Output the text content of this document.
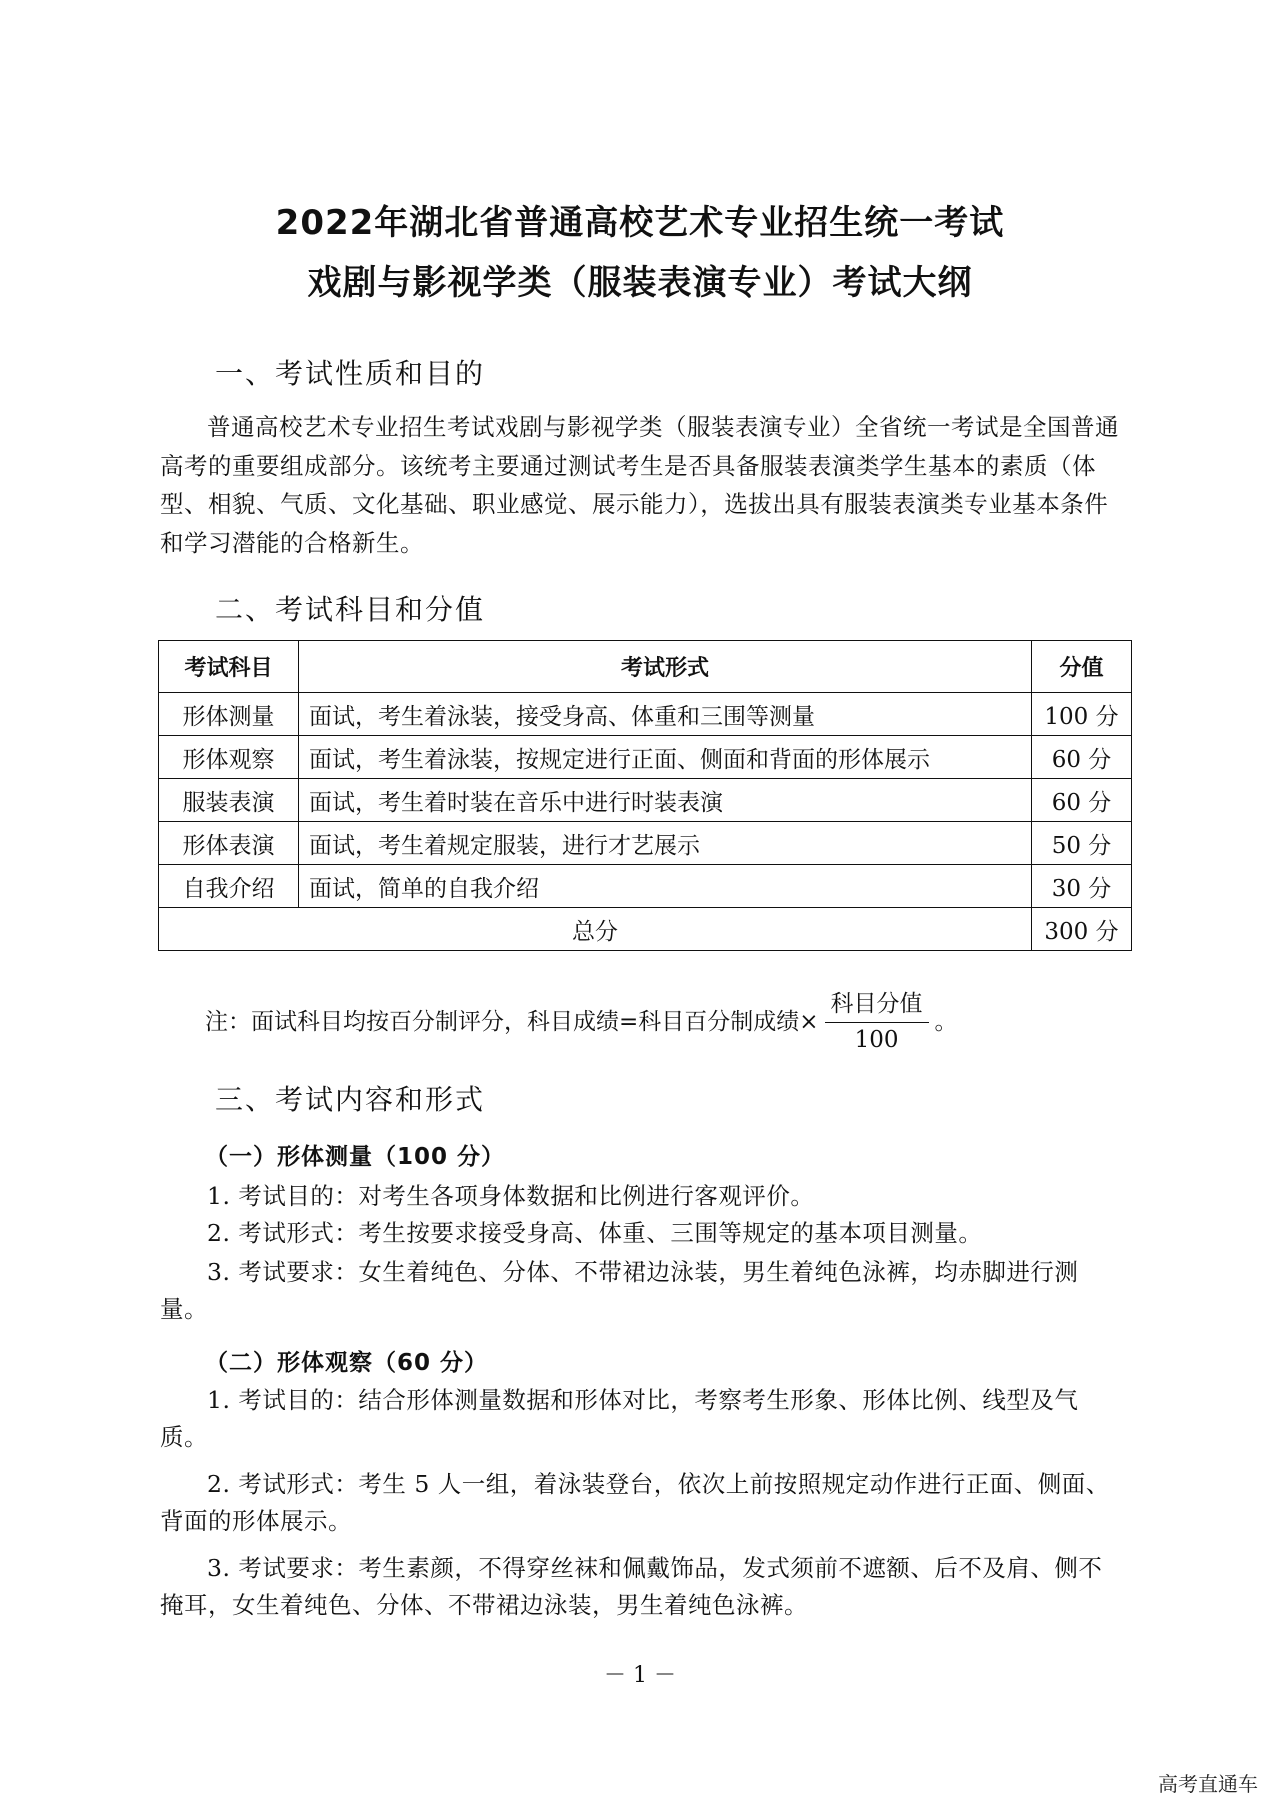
2022年湖北省普通高校艺术专业招生统一考试
戏剧与影视学类（服装表演专业）考试大纲
一、考试性质和目的

普通高校艺术专业招生考试戏剧与影视学类（服装表演专业）全省统一考试是全国普通高考的重要组成部分。该统考主要通过测试考生是否具备服装表演类学生基本的素质（体型、相貌、气质、文化基础、职业感觉、展示能力），选拔出具有服装表演类专业基本条件和学习潜能的合格新生。

二、考试科目和分值
考试科目	考试形式	分值
形体测量	面试，考生着泳装，接受身高、体重和三围等测量	100 分
形体观察	面试，考生着泳装，按规定进行正面、侧面和背面的形体展示	60 分
服装表演	面试，考生着时装在音乐中进行时装表演	60 分
形体表演	面试，考生着规定服装，进行才艺展示	50 分
自我介绍	面试，简单的自我介绍	30 分
总分		300 分
注：面试科目均按百分制评分，科目成绩=科目百分制成绩× $\frac{\text{科目分值}}{100}$ 。
三、考试内容和形式
（一）形体测量（100 分）

1. 考试目的：对考生各项身体数据和比例进行客观评价。

2. 考试形式：考生按要求接受身高、体重、三围等规定的基本项目测量。

3. 考试要求：女生着纯色、分体、不带裙边泳装，男生着纯色泳裤，均赤脚进行测量。

（二）形体观察（60 分）

1. 考试目的：结合形体测量数据和形体对比，考察考生形象、形体比例、线型及气质。

2. 考试形式：考生 5 人一组，着泳装登台，依次上前按照规定动作进行正面、侧面、背面的形体展示。

3. 考试要求：考生素颜，不得穿丝袜和佩戴饰品，发式须前不遮额、后不及肩、侧不掩耳，女生着纯色、分体、不带裙边泳装，男生着纯色泳裤。

－ 1 －
高考直通车
